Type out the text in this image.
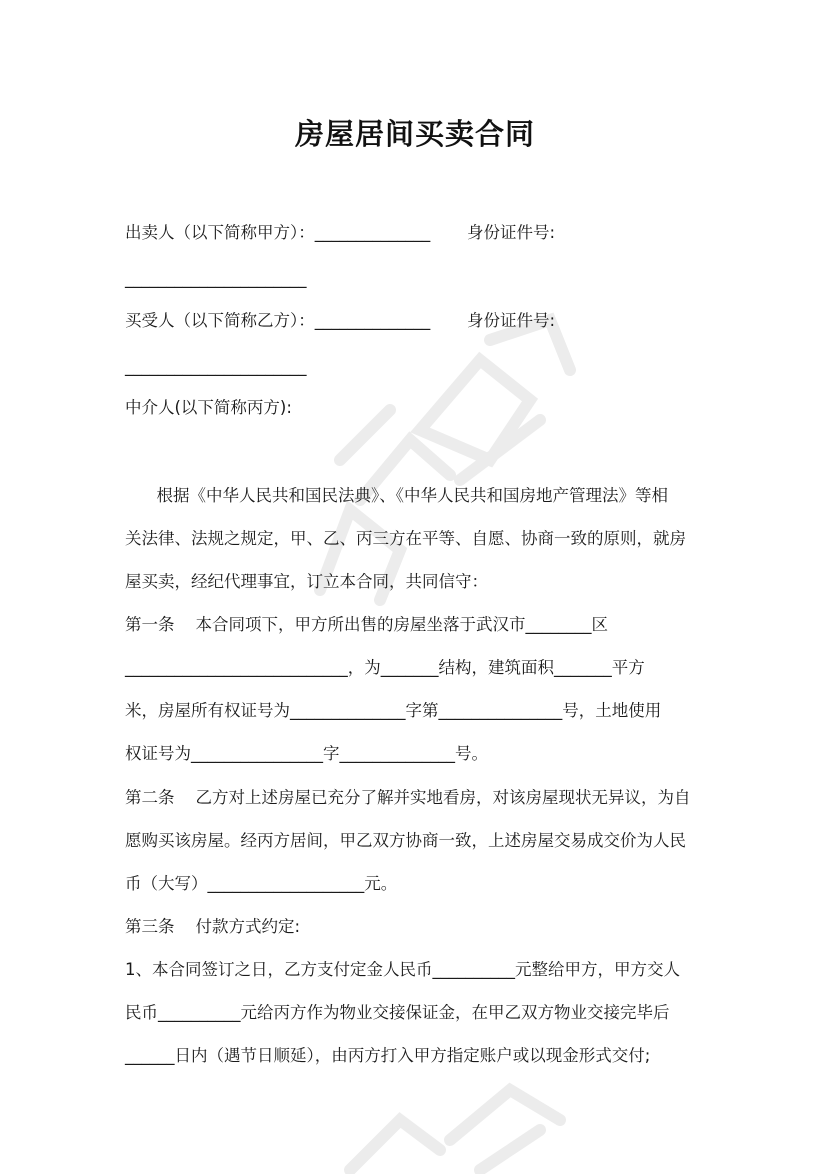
房屋居间买卖合同
出卖人（以下简称甲方）：______________       身份证件号:
______________________
买受人（以下简称乙方）：______________       身份证件号:
______________________
中介人(以下简称丙方):
根据《中华人民共和国民法典》、《中华人民共和国房地产管理法》等相
关法律、法规之规定，甲、乙、丙三方在平等、自愿、协商一致的原则，就房
屋买卖，经纪代理事宜，订立本合同，共同信守：
第一条    本合同项下，甲方所出售的房屋坐落于武汉市________区
___________________________，为_______结构，建筑面积_______平方
米，房屋所有权证号为______________字第_______________号，土地使用
权证号为________________字______________号。
第二条    乙方对上述房屋已充分了解并实地看房，对该房屋现状无异议，为自
愿购买该房屋。经丙方居间，甲乙双方协商一致，上述房屋交易成交价为人民
币（大写）___________________元。
第三条    付款方式约定:
1、本合同签订之日，乙方支付定金人民币__________元整给甲方，甲方交人
民币__________元给丙方作为物业交接保证金，在甲乙双方物业交接完毕后
______日内（遇节日顺延），由丙方打入甲方指定账户或以现金形式交付;
